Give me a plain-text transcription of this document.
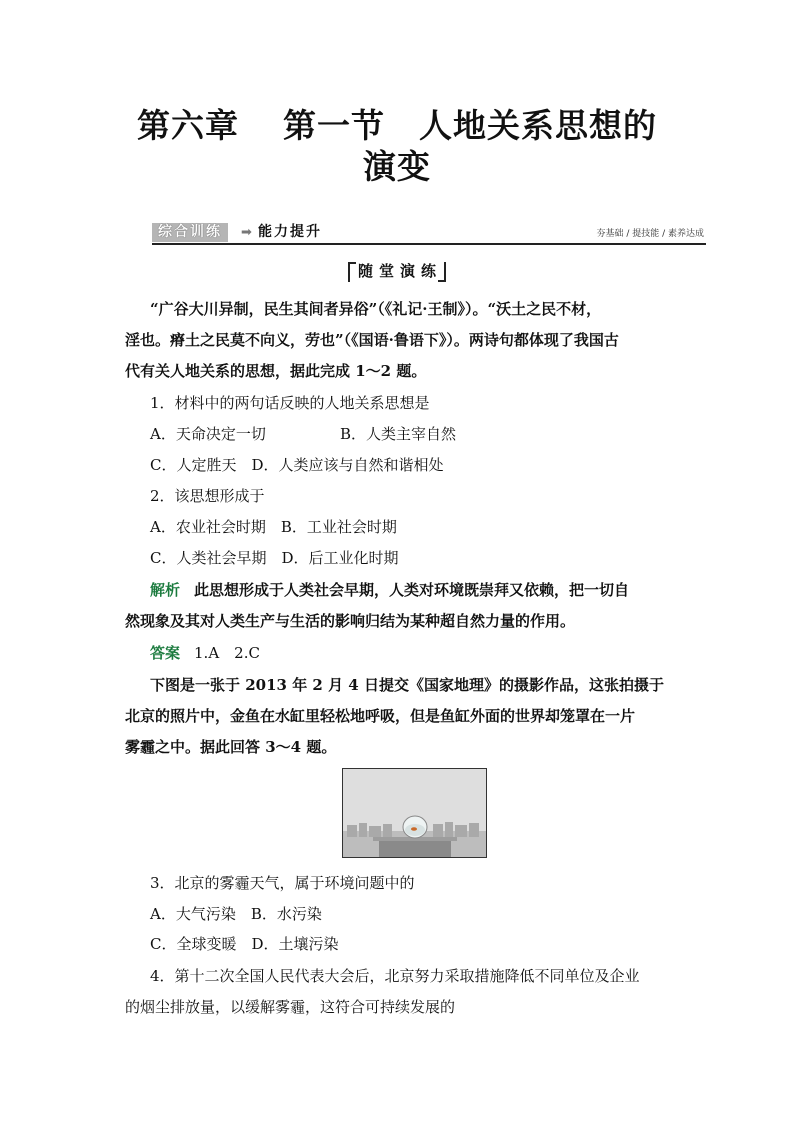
第六章 第一节 人地关系思想的
演变
综合训练	➡ 能力提升	夯基础 / 提技能 / 素养达成
随堂演练
“广谷大川异制，民生其间者异俗”（《礼记·王制》）。“沃土之民不材，
淫也。瘠土之民莫不向义，劳也”（《国语·鲁语下》）。两诗句都体现了我国古
代有关人地关系的思想，据此完成 1～2 题。
1．材料中的两句话反映的人地关系思想是
A．天命决定一切	B．人类主宰自然
C．人定胜天　D．人类应该与自然和谐相处
2．该思想形成于
A．农业社会时期　B．工业社会时期
C．人类社会早期　D．后工业化时期
解析 此思想形成于人类社会早期，人类对环境既崇拜又依赖，把一切自
然现象及其对人类生产与生活的影响归结为某种超自然力量的作用。
答案 1.A　2.C
下图是一张于 2013 年 2 月 4 日提交《国家地理》的摄影作品，这张拍摄于
北京的照片中，金鱼在水缸里轻松地呼吸，但是鱼缸外面的世界却笼罩在一片
雾霾之中。据此回答 3～4 题。
3．北京的雾霾天气，属于环境问题中的
A．大气污染　B．水污染
C．全球变暖　D．土壤污染
4．第十二次全国人民代表大会后，北京努力采取措施降低不同单位及企业
的烟尘排放量，以缓解雾霾，这符合可持续发展的
